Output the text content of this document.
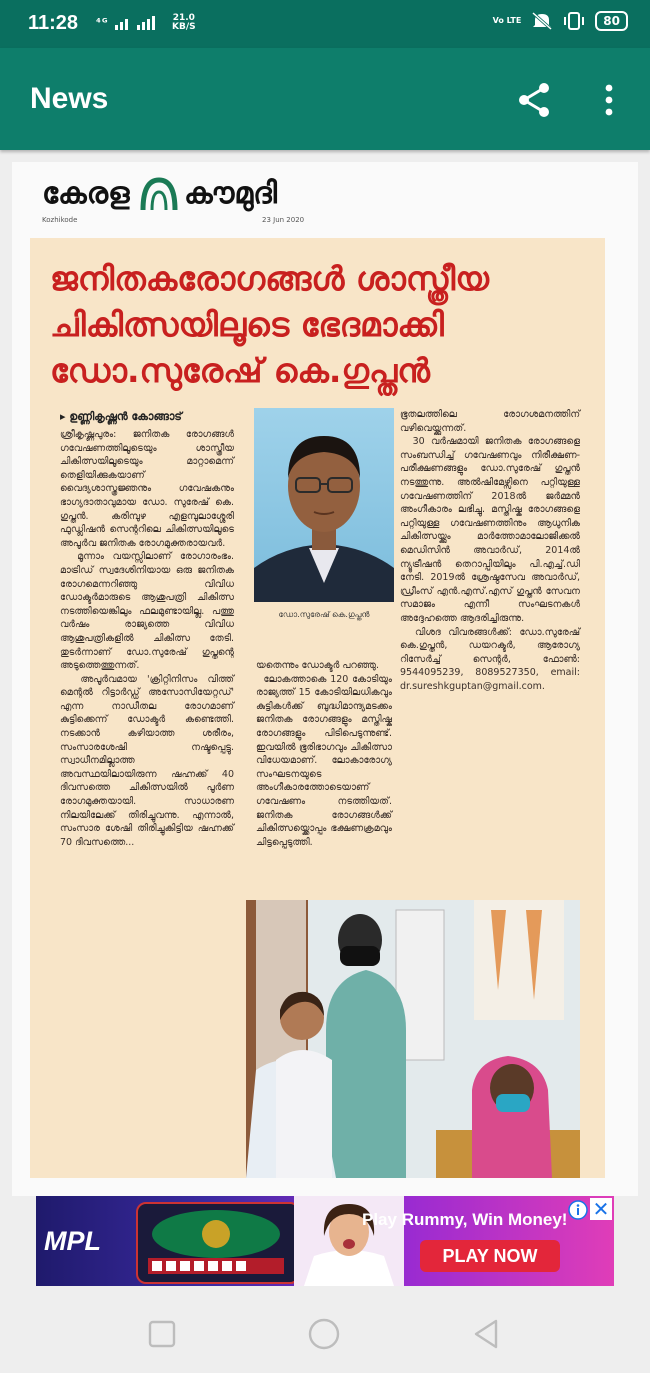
11:28 ⁴ᴳ	21.0
KB/S
Vo LTE	80
News
കേരള കൗമുദി
Kozhikode	23 Jun 2020
ജനിതകരോഗങ്ങൾ ശാസ്ത്രീയ
ചികിത്സയിലൂടെ ഭേദമാക്കി
ഡോ.സുരേഷ് കെ.ഗുപ്തൻ
▸ ഉണ്ണികൃഷ്ണൻ കോങ്ങാട്
ശ്രീകൃഷ്ണപുരം: ജനിതക രോഗങ്ങൾ ഗവേഷണത്തിലൂടെയും ശാസ്ത്രീയ ചികിത്സയിലൂടെയും മാറ്റാമെന്ന് തെളിയിക്കുകയാണ് വൈദ്യശാസ്ത്രജ്ഞനും ഗവേഷകനും ഭാഗ്യദാതാവുമായ ഡോ. സുരേഷ് കെ. ഗുപ്തൻ. കരിമ്പുഴ എളമ്പുലാശ്ശേരി ഫുഡ്ലിഷൻ സെന്ററിലെ ചികിത്സയിലൂടെ അപൂർവ ജനിതക രോഗമുക്തരായവർ.
മൂന്നാം വയസ്സിലാണ് രോഗാരംഭം. മാട്രിഡ് സ്വദേശിനിയായ ഒരു ജനിതക രോഗമെന്നറിഞ്ഞു വിവിധ ഡോക്ടർമാരുടെ ആശുപത്രി ചികിത്സ നടത്തിയെങ്കിലും ഫലമുണ്ടായില്ല. പത്തു വർഷം രാജ്യത്തെ വിവിധ ആശുപത്രികളിൽ ചികിത്സ തേടി. തുടർന്നാണ് ഡോ.സുരേഷ് ഗുപ്തന്റെ അടുത്തെത്തുന്നത്.
അപൂർവമായ 'ക്രിറ്റിനിസം വിത്ത് മെന്റൽ റിട്ടാർഡ്ഡ് അസോസിയേറ്റഡ്' എന്ന നാഡീതല രോഗമാണ് കുട്ടിക്കെന്ന് ഡോക്ടർ കണ്ടെത്തി. നടക്കാൻ കഴിയാത്ത ശരീരം, സംസാരശേഷി നഷ്ടപ്പെട്ടു. സ്വാധീനമില്ലാത്ത അവസ്ഥയിലായിരുന്ന ഷഹ്നക്ക് 40 ദിവസത്തെ ചികിത്സയിൽ പൂർണ രോഗമുക്തയായി. സാധാരണ നിലയിലേക്ക് തിരിച്ചുവന്നു. എന്നാൽ, സംസാര ശേഷി തിരിച്ചുകിട്ടിയ ഷഹ്നക്ക് 70 ദിവസത്തെ...
ഡോ.സുരേഷ് കെ.ഗുപ്തൻ
യതെന്നും ഡോക്ടർ പറഞ്ഞു.
ലോകത്താകെ 120 കോടിയും രാജ്യത്ത് 15 കോടിയിലധികവും കുട്ടികൾക്ക് ബുദ്ധിമാന്ദ്യമടക്കം ജനിതക രോഗങ്ങളും മസ്തിഷ്ക രോഗങ്ങളും പിടിപെടുന്നുണ്ട്. ഇവയിൽ ഭൂരിഭാഗവും ചികിത്സാ വിധേയമാണ്. ലോകാരോഗ്യ സംഘടനയുടെ അംഗീകാരത്തോടെയാണ് ഗവേഷണം നടത്തിയത്. ജനിതക രോഗങ്ങൾക്ക് ചികിത്സയ്ക്കൊപ്പം ഭക്ഷണക്രമവും ചിട്ടപ്പെടുത്തി.
ഭൂതലത്തിലെ രോഗശമനത്തിന് വഴിവെയ്ക്കുന്നത്.
30 വർഷമായി ജനിതക രോഗങ്ങളെ സംബന്ധിച്ച് ഗവേഷണവും നിരീക്ഷണ-പരീക്ഷണങ്ങളും ഡോ.സുരേഷ് ഗുപ്തൻ നടത്തുന്നു. അൽഷിമേഴ്സിനെ പറ്റിയുള്ള ഗവേഷണത്തിന് 2018ൽ ജർമ്മൻ അംഗീകാരം ലഭിച്ചു. മസ്തിഷ്ക രോഗങ്ങളെ പറ്റിയുള്ള ഗവേഷണത്തിനും ആധുനിക ചികിത്സയ്ക്കും മാർത്തോമാലോജിക്കൽ മെഡിസിൻ അവാർഡ്, 2014ൽ ന്യൂട്രീഷൻ തെറാപ്പിയിലും പി.എച്ച്.ഡി നേടി. 2019ൽ ശ്രേഷ്ഠസേവ അവാർഡ്, ഡ്രീംസ് എൻ.എസ്.എസ് ഗുപ്തൻ സേവന സമാജം എന്നീ സംഘടനകൾ അദ്ദേഹത്തെ ആദരിച്ചിരുന്നു.
വിശദ വിവരങ്ങൾക്ക്: ഡോ.സുരേഷ് കെ.ഗുപ്തൻ, ഡയറക്ടർ, ആരോഗ്യ റിസേർച്ച് സെന്റർ, ഫോൺ: 9544095239, 8089527350, email: dr.sureshkguptan@gmail.com.
MPL
Play Rummy, Win Money!
PLAY NOW
✕
